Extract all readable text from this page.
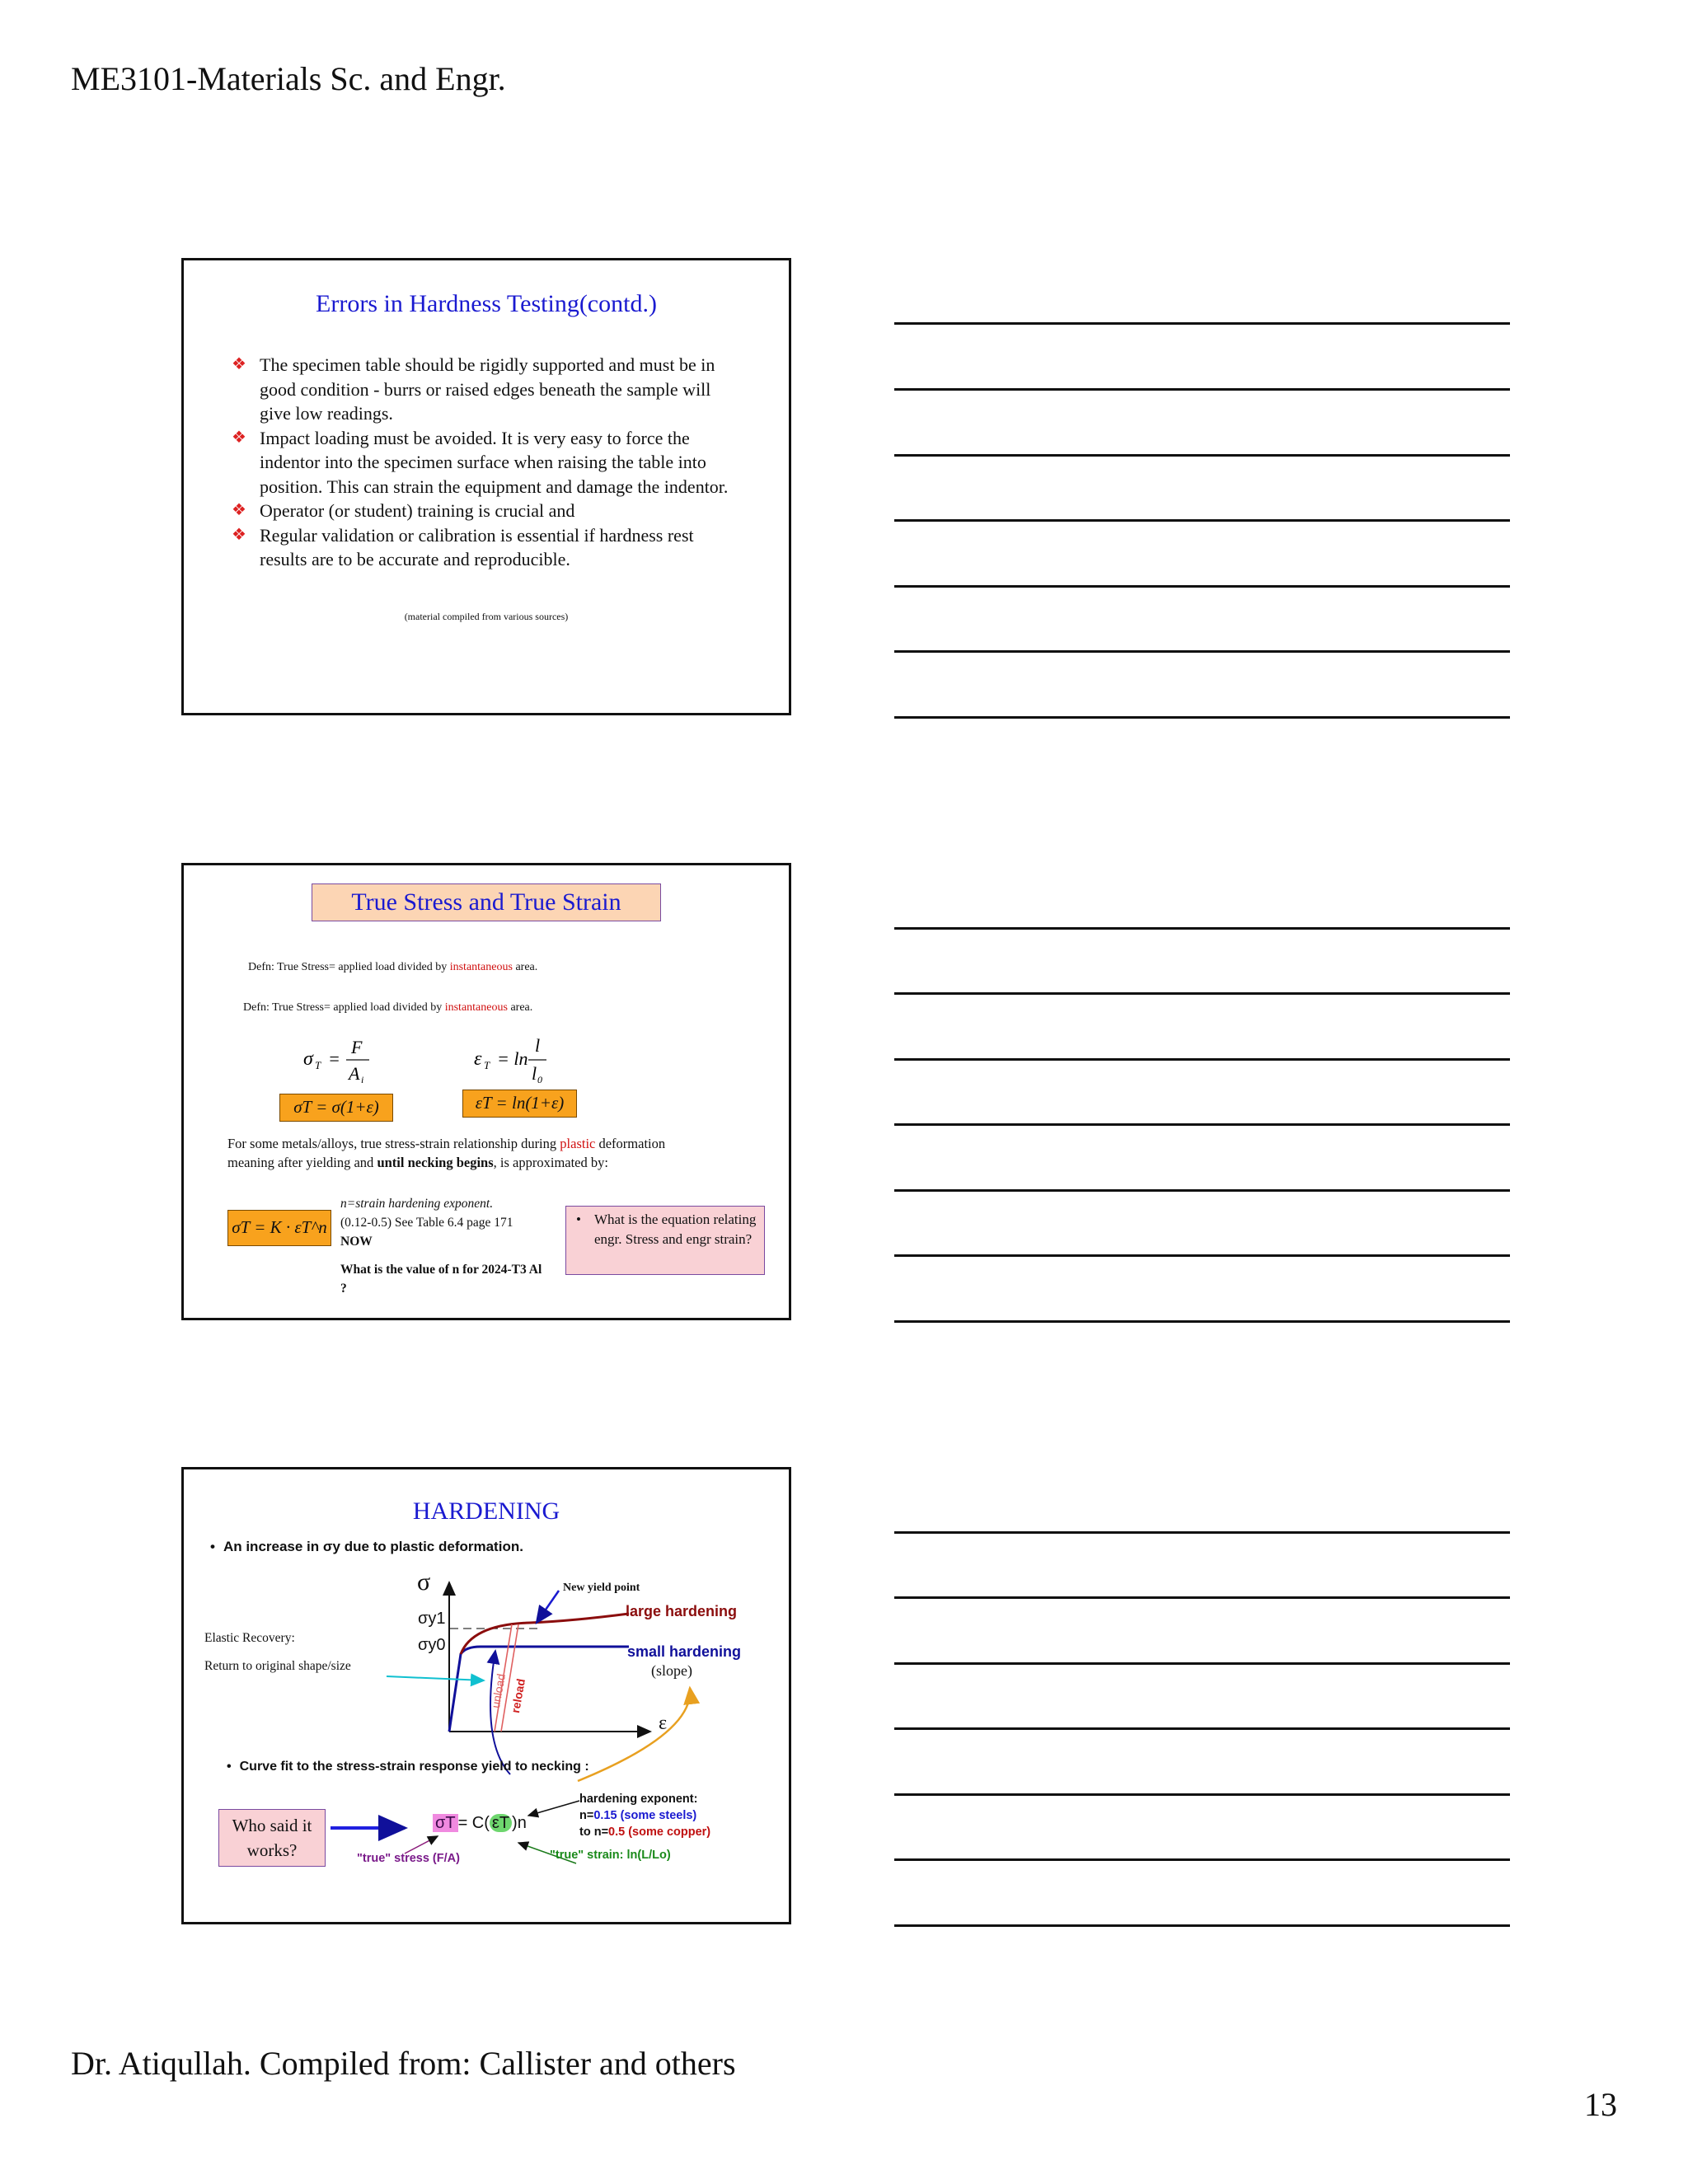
ME3101-Materials Sc. and Engr.
Errors in Hardness Testing(contd.)
❖ The specimen table should be rigidly supported and must be in good condition - burrs or raised edges beneath the sample will give low readings.
❖ Impact loading must be avoided. It is very easy to force the indentor into the specimen surface when raising the table into position. This can strain the equipment and damage the indentor.
❖ Operator (or student) training is crucial and
❖ Regular validation or calibration is essential if hardness rest results are to be accurate and reproducible.
(material compiled from various sources)
True Stress and True Strain
Defn: True Stress= applied load divided by instantaneous area.
Defn: True Stress= applied load divided by instantaneous area.
σ T =
F
A i
ε T = ln
l
l 0
σT = σ(1+ε)	εT = ln(1+ε)
For some metals/alloys, true stress-strain relationship during plastic deformation
meaning after yielding and until necking begins, is approximated by:
σT = K · εT^n
n=strain hardening exponent.
(0.12-0.5) See Table 6.4 page 171
NOW
What is the value of n for 2024-T3 Al ?
• What is the equation relating engr. Stress and engr strain?
HARDENING
• An increase in σy due to plastic deformation.
σ
ε
σy1
σy0
New yield point
large hardening
small hardening
(slope)
Elastic Recovery:
Return to original shape/size
unload reload
• Curve fit to the stress-strain response yield to necking :
Who said it works?
σT = C( εT )n
"true" stress (F/A)
hardening exponent:
n=0.15 (some steels)
to n=0.5 (some copper)
"true" strain: ln(L/Lo)
Dr. Atiqullah. Compiled from: Callister and others
13
